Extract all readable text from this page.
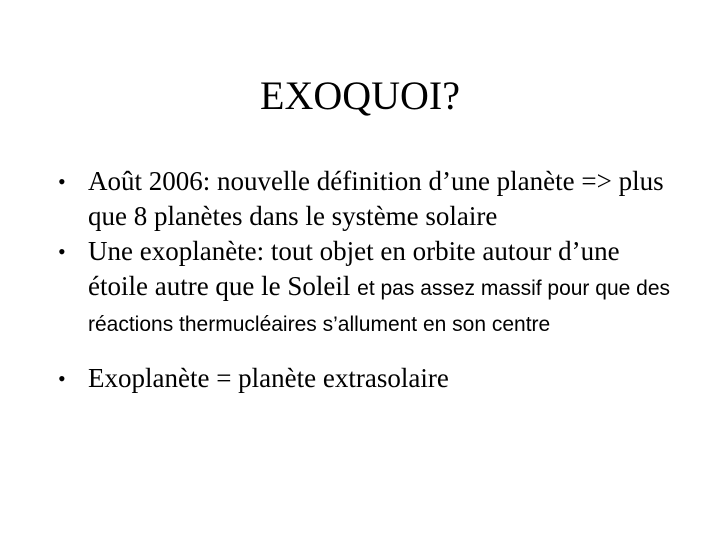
EXOQUOI?
• Août 2006: nouvelle définition d’une planète => plus que 8 planètes dans le système solaire
• Une exoplanète: tout objet en orbite autour d’une étoile autre que le Soleil et pas assez massif pour que des réactions thermucléaires s’allument en son centre
• Exoplanète = planète extrasolaire
